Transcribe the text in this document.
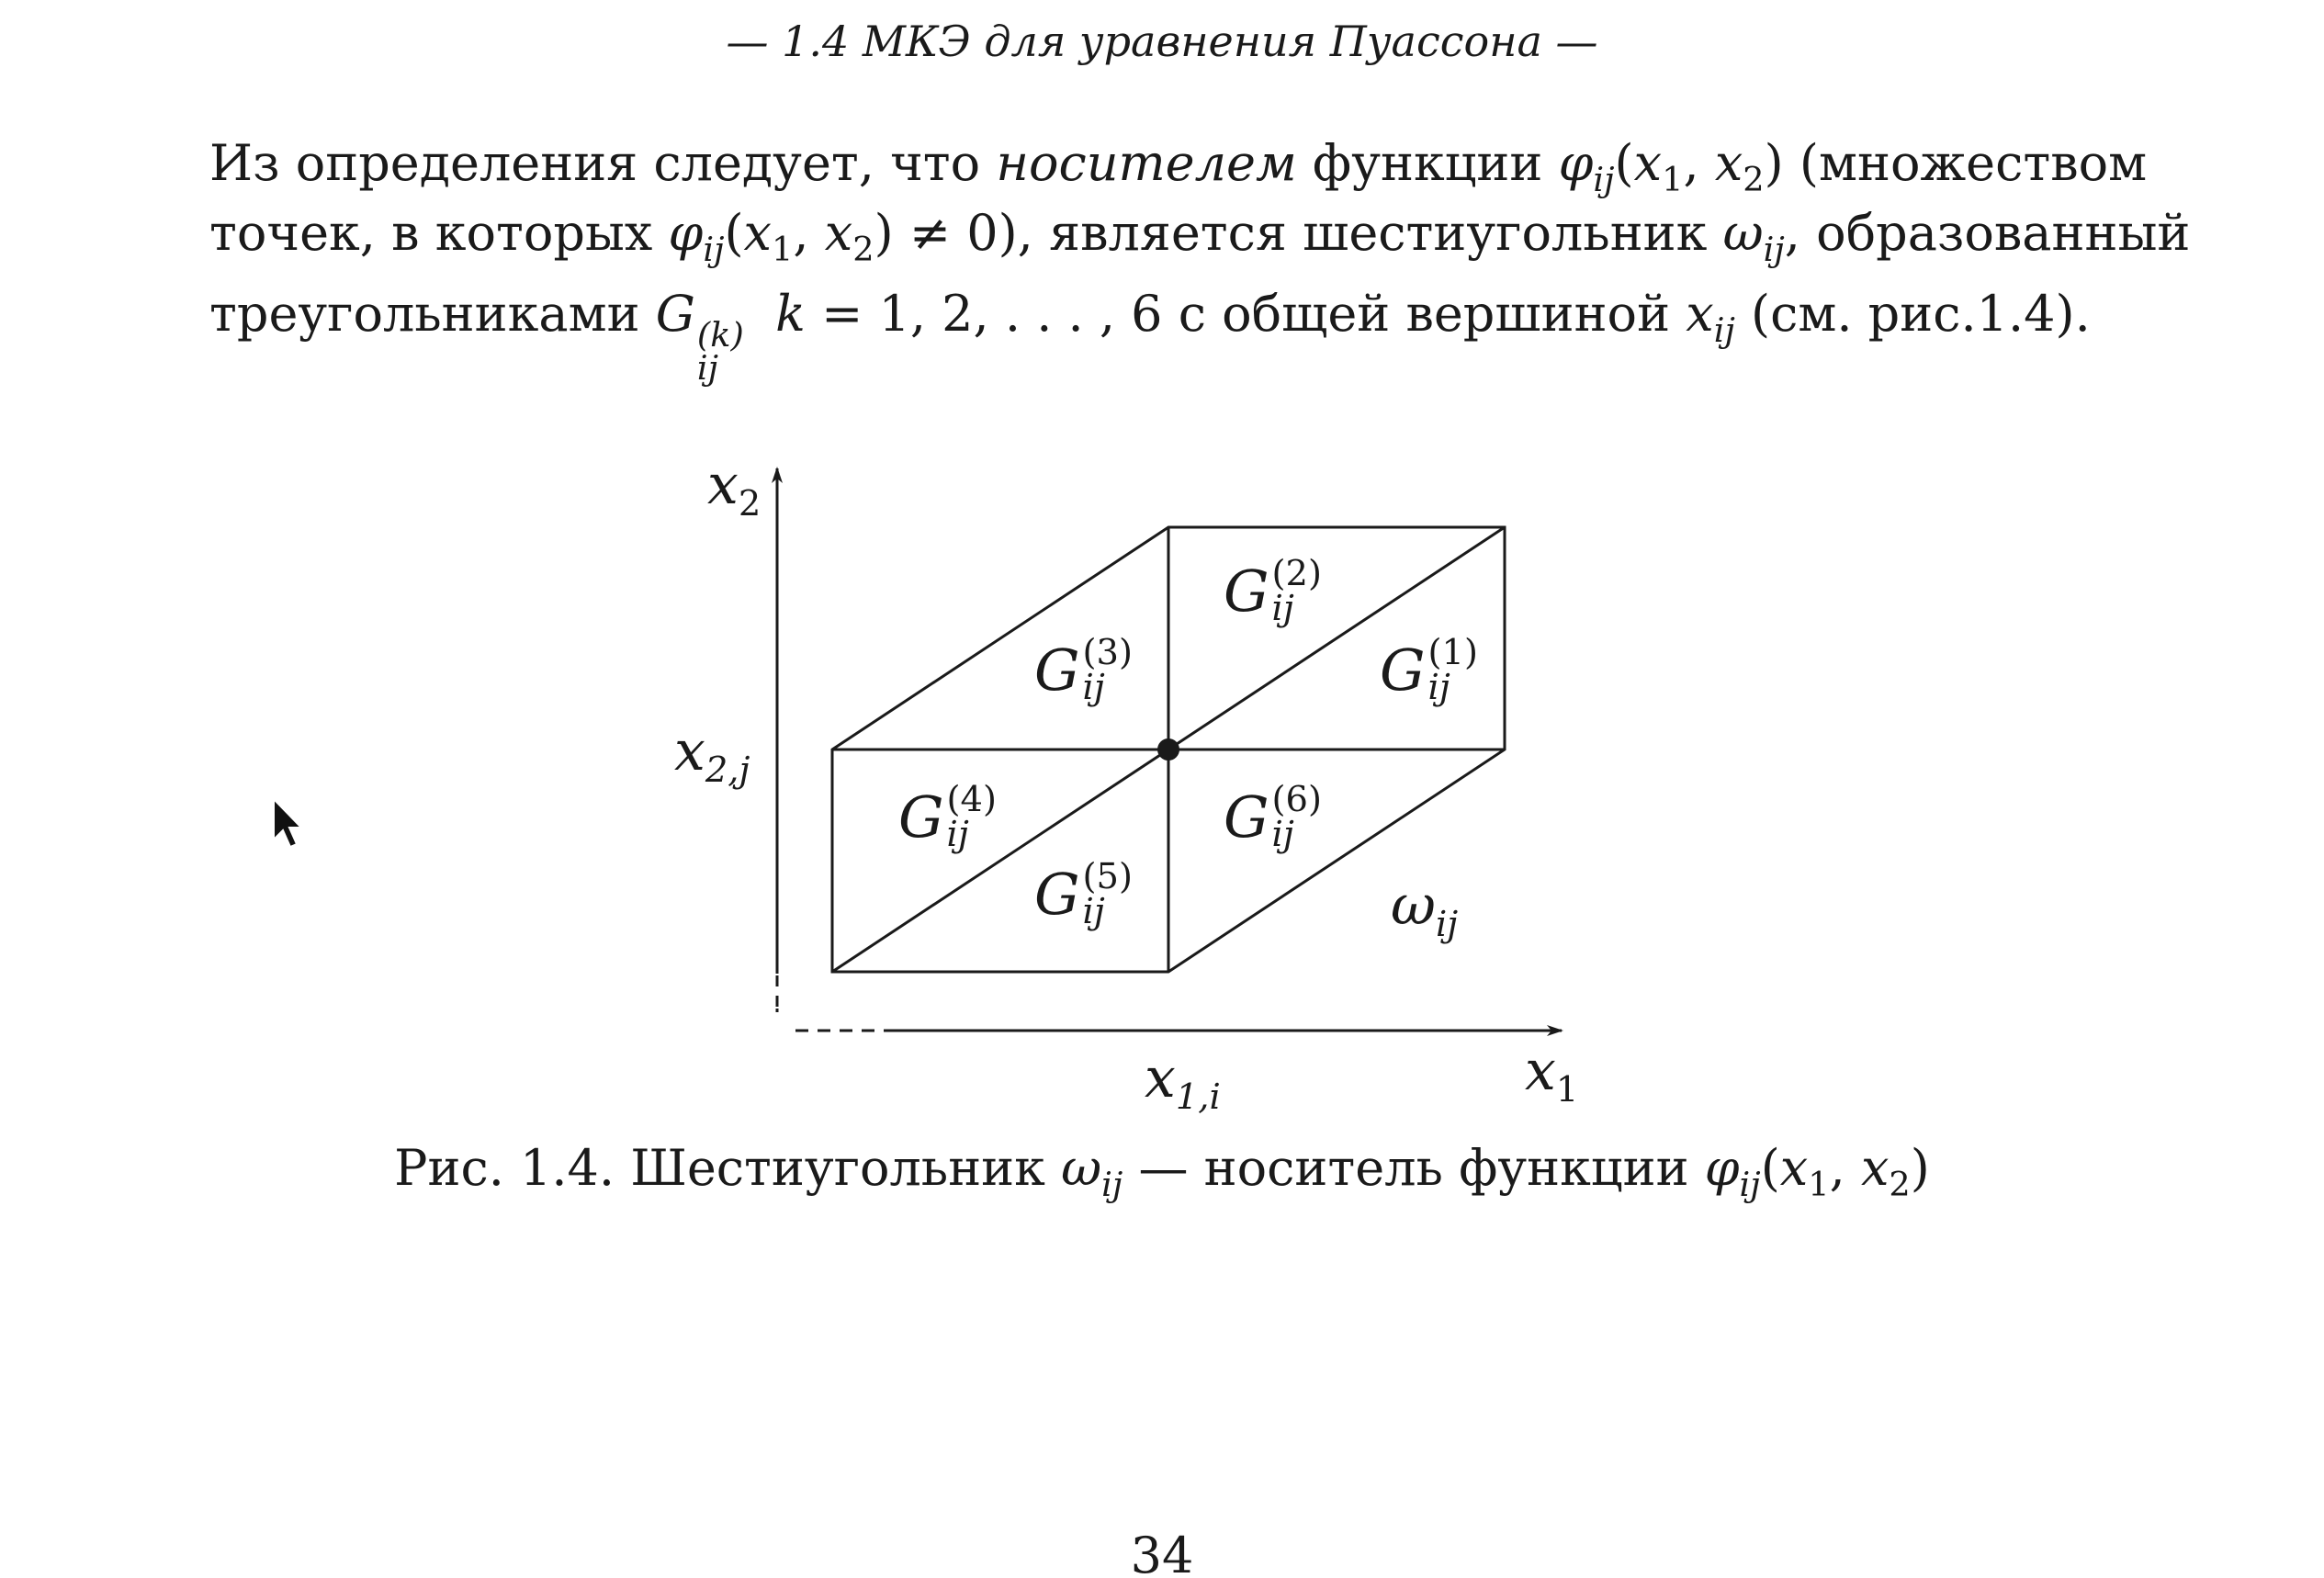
— 1.4 МКЭ для уравнения Пуассона —
Из определения следует, что носителем функции $\varphi_{ij}(x_1$, $x_2$) (множеством
точек, в которых $\varphi_{ij}(x_1$, $x_2) \ne 0$), является шестиугольник $\omega_{ij}$, образованный
треугольниками G (k)
ij
k = 1, 2, . . . , 6 с общей вершиной $x_{ij}$ (см. рис.1.4).
$x_2$
$x_1$
$x_{2,j}$
$x_{1,i}$
$\omega_{ij}$
G (1)
ij
G (2)
ij
G (3)
ij
G (4)
ij
G (5)
ij
G (6)
ij
Рис. 1.4. Шестиугольник $\omega_{ij}$ — носитель функции $\varphi_{ij}(x_1$, $x_2$)
34
